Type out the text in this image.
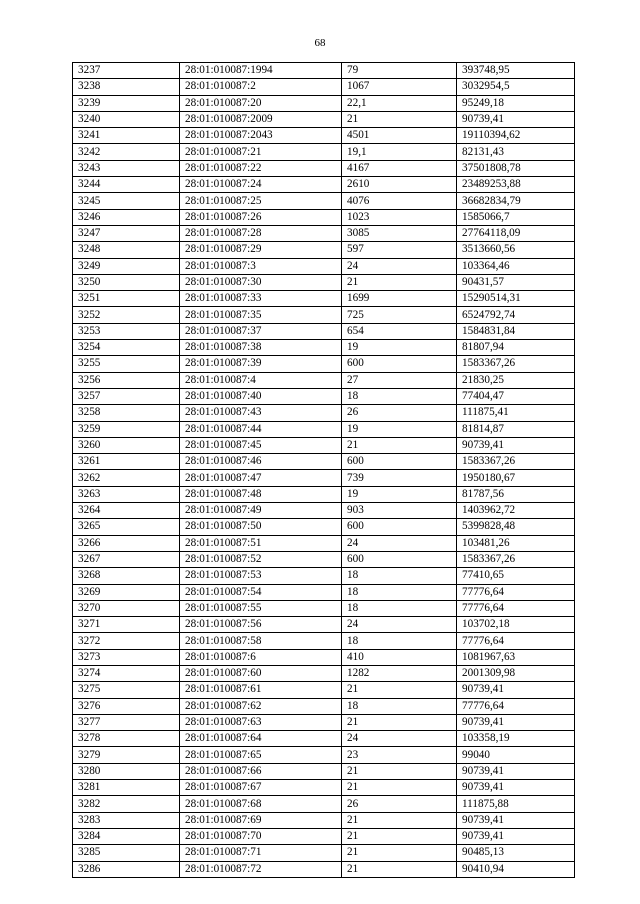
68
3237	28:01:010087:1994	79	393748,95
3238	28:01:010087:2	1067	3032954,5
3239	28:01:010087:20	22,1	95249,18
3240	28:01:010087:2009	21	90739,41
3241	28:01:010087:2043	4501	19110394,62
3242	28:01:010087:21	19,1	82131,43
3243	28:01:010087:22	4167	37501808,78
3244	28:01:010087:24	2610	23489253,88
3245	28:01:010087:25	4076	36682834,79
3246	28:01:010087:26	1023	1585066,7
3247	28:01:010087:28	3085	27764118,09
3248	28:01:010087:29	597	3513660,56
3249	28:01:010087:3	24	103364,46
3250	28:01:010087:30	21	90431,57
3251	28:01:010087:33	1699	15290514,31
3252	28:01:010087:35	725	6524792,74
3253	28:01:010087:37	654	1584831,84
3254	28:01:010087:38	19	81807,94
3255	28:01:010087:39	600	1583367,26
3256	28:01:010087:4	27	21830,25
3257	28:01:010087:40	18	77404,47
3258	28:01:010087:43	26	111875,41
3259	28:01:010087:44	19	81814,87
3260	28:01:010087:45	21	90739,41
3261	28:01:010087:46	600	1583367,26
3262	28:01:010087:47	739	1950180,67
3263	28:01:010087:48	19	81787,56
3264	28:01:010087:49	903	1403962,72
3265	28:01:010087:50	600	5399828,48
3266	28:01:010087:51	24	103481,26
3267	28:01:010087:52	600	1583367,26
3268	28:01:010087:53	18	77410,65
3269	28:01:010087:54	18	77776,64
3270	28:01:010087:55	18	77776,64
3271	28:01:010087:56	24	103702,18
3272	28:01:010087:58	18	77776,64
3273	28:01:010087:6	410	1081967,63
3274	28:01:010087:60	1282	2001309,98
3275	28:01:010087:61	21	90739,41
3276	28:01:010087:62	18	77776,64
3277	28:01:010087:63	21	90739,41
3278	28:01:010087:64	24	103358,19
3279	28:01:010087:65	23	99040
3280	28:01:010087:66	21	90739,41
3281	28:01:010087:67	21	90739,41
3282	28:01:010087:68	26	111875,88
3283	28:01:010087:69	21	90739,41
3284	28:01:010087:70	21	90739,41
3285	28:01:010087:71	21	90485,13
3286	28:01:010087:72	21	90410,94
